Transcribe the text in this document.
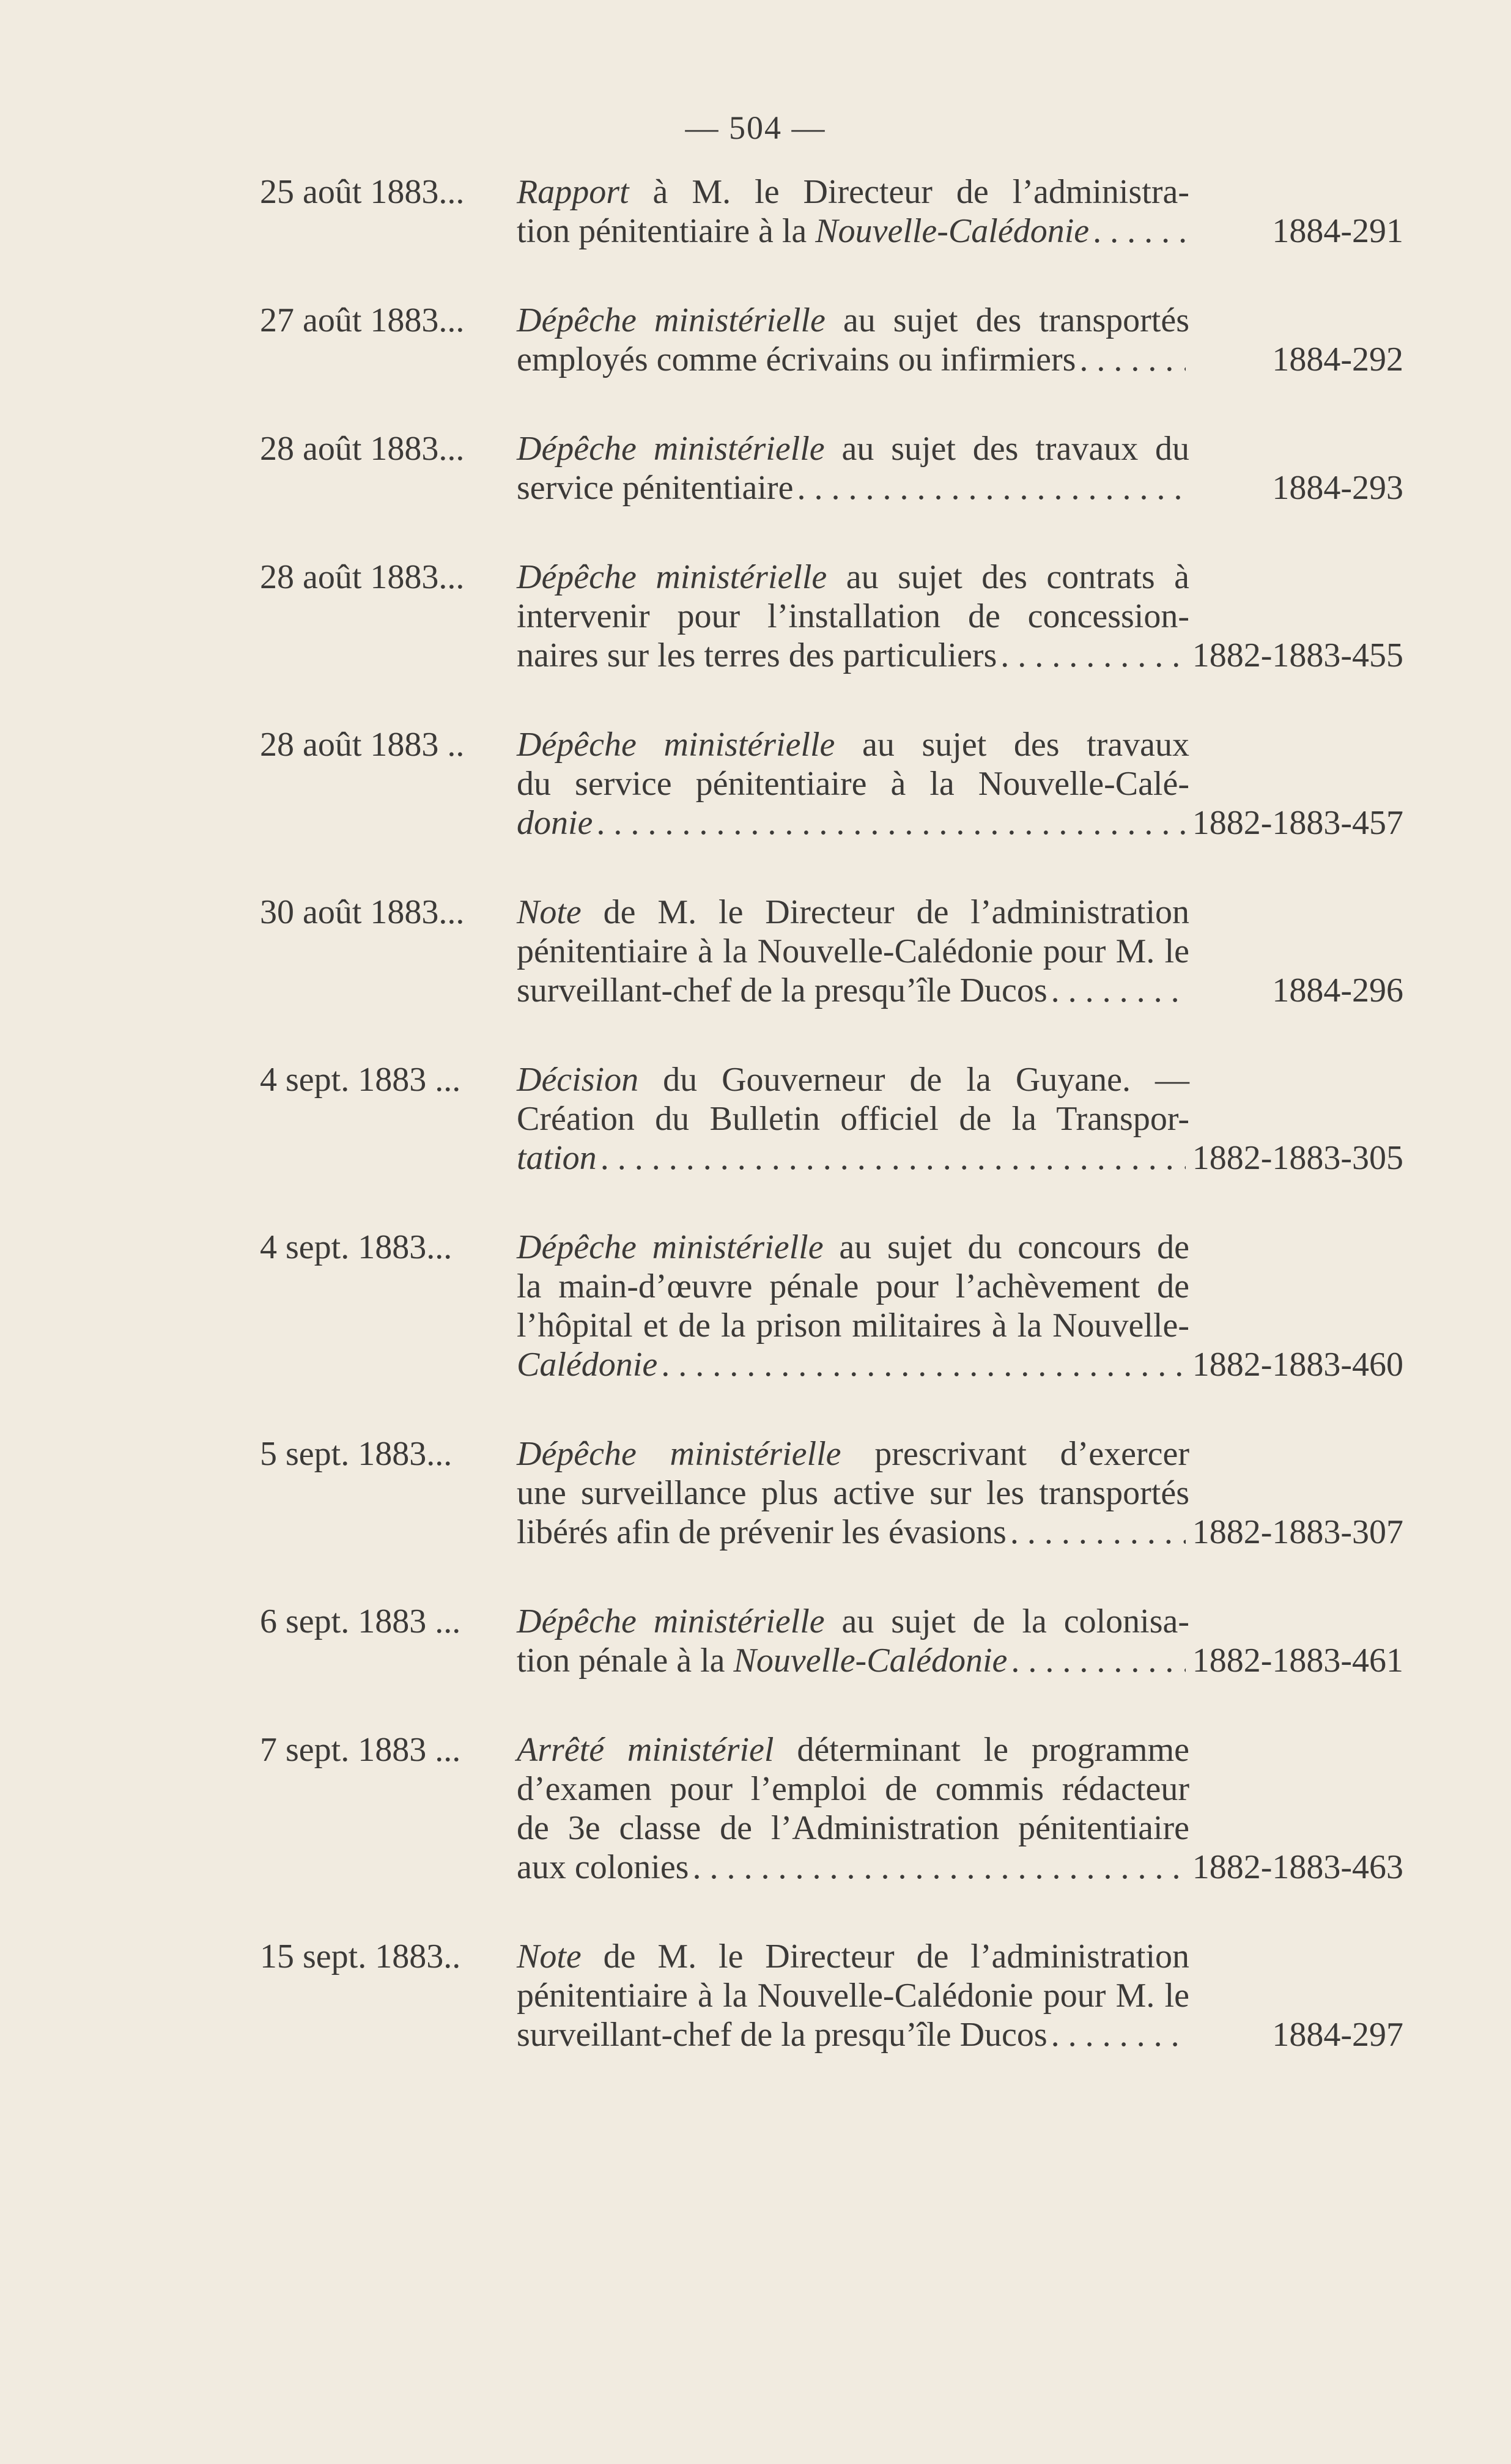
— 504 —
25 août 1883...	Rapport à M. le Directeur de l’administra-
tion pénitentiaire à la Nouvelle-Calédonie . . .	1884-291
27 août 1883...	Dépêche ministérielle au sujet des transportés
employés comme écrivains ou infirmiers . . .	1884-292
28 août 1883...	Dépêche ministérielle au sujet des travaux du
service pénitentiaire . . .	1884-293
28 août 1883...	Dépêche ministérielle au sujet des contrats à
intervenir pour l’installation de concession-
naires sur les terres des particuliers . . .	1882-1883-455
28 août 1883 ..	Dépêche ministérielle au sujet des travaux
du service pénitentiaire à la Nouvelle-Calé-
donie . . .	1882-1883-457
30 août 1883...	Note de M. le Directeur de l’administration
pénitentiaire à la Nouvelle-Calédonie pour M. le
surveillant-chef de la presqu’île Ducos . . .	1884-296
4 sept. 1883 ...	Décision du Gouverneur de la Guyane. —
Création du Bulletin officiel de la Transpor-
tation . . .	1882-1883-305
4 sept. 1883...	Dépêche ministérielle au sujet du concours de
la main-d’œuvre pénale pour l’achèvement de
l’hôpital et de la prison militaires à la Nouvelle-
Calédonie . . .	1882-1883-460
5 sept. 1883...	Dépêche ministérielle prescrivant d’exercer
une surveillance plus active sur les transportés
libérés afin de prévenir les évasions . . .	1882-1883-307
6 sept. 1883 ...	Dépêche ministérielle au sujet de la colonisa-
tion pénale à la Nouvelle-Calédonie . . .	1882-1883-461
7 sept. 1883 ...	Arrêté ministériel déterminant le programme
d’examen pour l’emploi de commis rédacteur
de 3e classe de l’Administration pénitentiaire
aux colonies . . .	1882-1883-463
15 sept. 1883..	Note de M. le Directeur de l’administration
pénitentiaire à la Nouvelle-Calédonie pour M. le
surveillant-chef de la presqu’île Ducos . . .	1884-297
